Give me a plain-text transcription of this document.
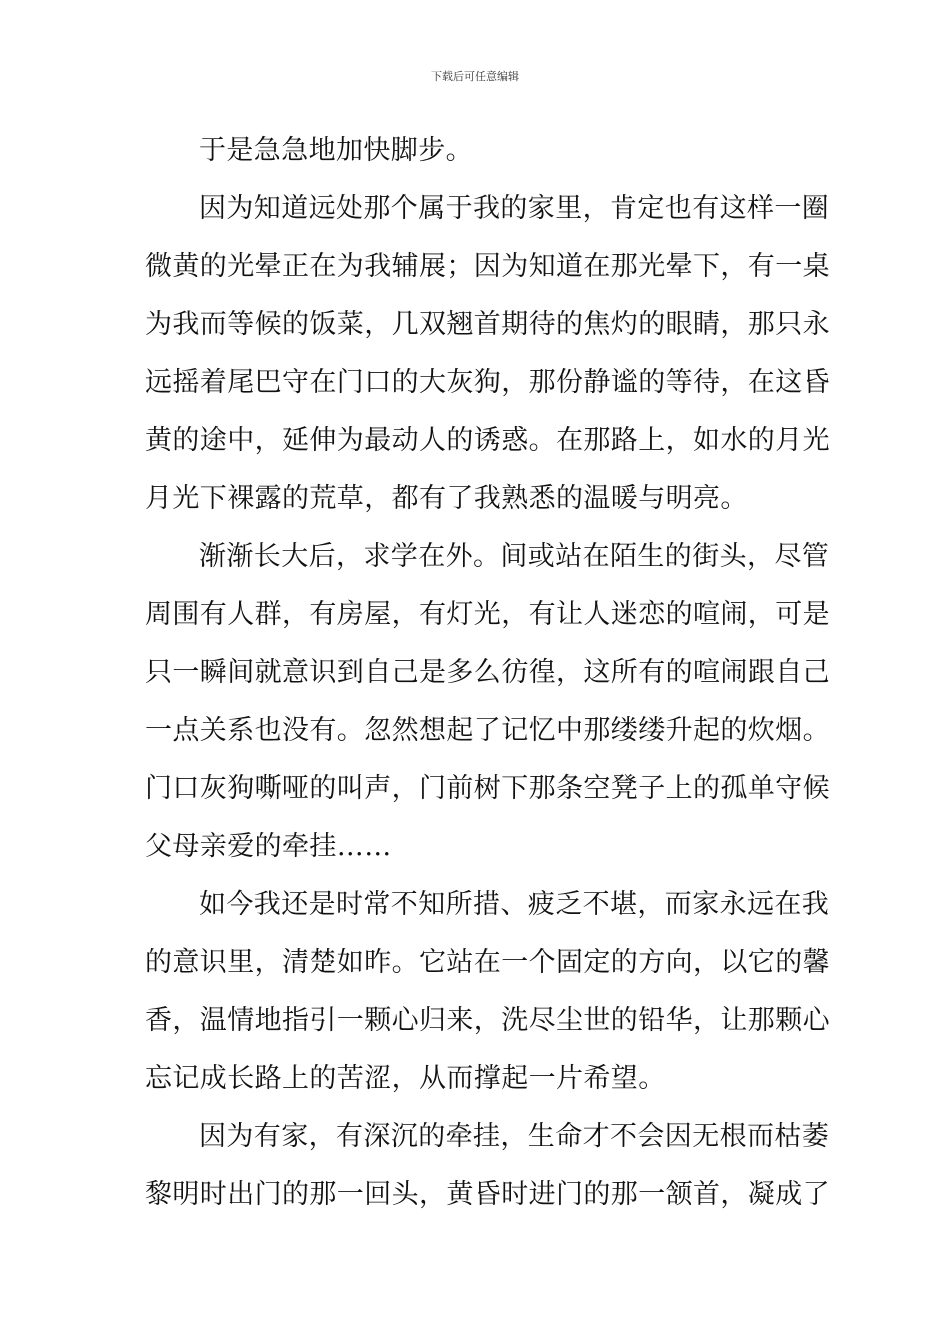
下载后可任意编辑
于是急急地加快脚步。
因为知道远处那个属于我的家里，肯定也有这样一圈
微黄的光晕正在为我辅展；因为知道在那光晕下，有一桌
为我而等候的饭菜，几双翘首期待的焦灼的眼睛，那只永
远摇着尾巴守在门口的大灰狗，那份静谧的等待，在这昏
黄的途中，延伸为最动人的诱惑。在那路上，如水的月光
月光下裸露的荒草，都有了我熟悉的温暖与明亮。
渐渐长大后，求学在外。间或站在陌生的街头，尽管
周围有人群，有房屋，有灯光，有让人迷恋的喧闹，可是
只一瞬间就意识到自己是多么彷徨，这所有的喧闹跟自己
一点关系也没有。忽然想起了记忆中那缕缕升起的炊烟。
门口灰狗嘶哑的叫声，门前树下那条空凳子上的孤单守候
父母亲爱的牵挂……
如今我还是时常不知所措、疲乏不堪，而家永远在我
的意识里，清楚如昨。它站在一个固定的方向，以它的馨
香，温情地指引一颗心归来，洗尽尘世的铅华，让那颗心
忘记成长路上的苦涩，从而撑起一片希望。
因为有家，有深沉的牵挂，生命才不会因无根而枯萎
黎明时出门的那一回头，黄昏时进门的那一颔首，凝成了
